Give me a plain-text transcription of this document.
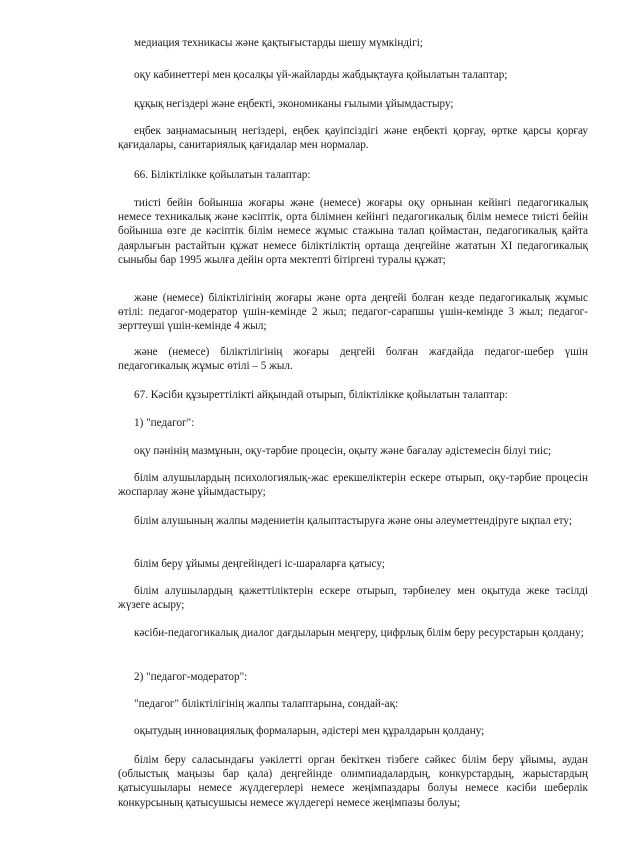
медиация техникасы және қақтығыстарды шешу мүмкіндігі;

оқу кабинеттері мен қосалқы үй-жайларды жабдықтауға қойылатын талаптар;

құқық негіздері және еңбекті, экономиканы ғылыми ұйымдастыру;

еңбек заңнамасының негіздері, еңбек қауіпсіздігі және еңбекті қорғау, өртке қарсы қорғау қағидалары, санитариялық қағидалар мен нормалар.

66. Біліктілікке қойылатын талаптар:

тиісті бейін бойынша жоғары және (немесе) жоғары оқу орнынан кейінгі педагогикалық немесе техникалық және кәсіптік, орта білімнен кейінгі педагогикалық білім немесе тиісті бейін бойынша өзге де кәсіптік білім немесе жұмыс стажына талап қоймастан, педагогикалық қайта даярлығын растайтын құжат немесе біліктіліктің ортаща деңгейіне жататын XI педагогикалық сыныбы бар 1995 жылға дейін орта мектепті бітіргені туралы құжат;

және (немесе) біліктілігінің жоғары және орта деңгейі болған кезде педагогикалық жұмыс өтілі: педагог-модератор үшін-кемінде 2 жыл; педагог-сарапшы үшін-кемінде 3 жыл; педагог-зерттеуші үшін-кемінде 4 жыл;

және (немесе) біліктілігінің жоғары деңгейі болған жағдайда педагог-шебер үшін педагогикалық жұмыс өтілі – 5 жыл.

67. Кәсіби құзыреттілікті айқындай отырып, біліктілікке қойылатын талаптар:

1) "педагог":

оқу пәнінің мазмұнын, оқу-тәрбие процесін, оқыту және бағалау әдістемесін білуі тиіс;

білім алушылардың психологиялық-жас ерекшеліктерін ескере отырып, оқу-тәрбие процесін жоспарлау және ұйымдастыру;

білім алушының жалпы мәдениетін қалыптастыруға және оны әлеуметтендіруге ықпал ету;

білім беру ұйымы деңгейіндегі іс-шараларға қатысу;

білім алушылардың қажеттіліктерін ескере отырып, тәрбиелеу мен оқытуда жеке тәсілді жүзеге асыру;

кәсіби-педагогикалық диалог дағдыларын меңгеру, цифрлық білім беру ресурстарын қолдану;

2) "педагог-модератор":

"педагог" біліктілігінің жалпы талаптарына, сондай-ақ:

оқытудың инновациялық формаларын, әдістері мен құралдарын қолдану;

білім беру саласындағы уәкілетті орган бекіткен тізбеге сәйкес білім беру ұйымы, аудан (облыстық маңызы бар қала) деңгейінде олимпиадалардың, конкурстардың, жарыстардың қатысушылары немесе жүлдегерлері немесе жеңімпаздары болуы немесе кәсіби шеберлік конкурсының қатысушысы немесе жүлдегері немесе жеңімпазы болуы;
